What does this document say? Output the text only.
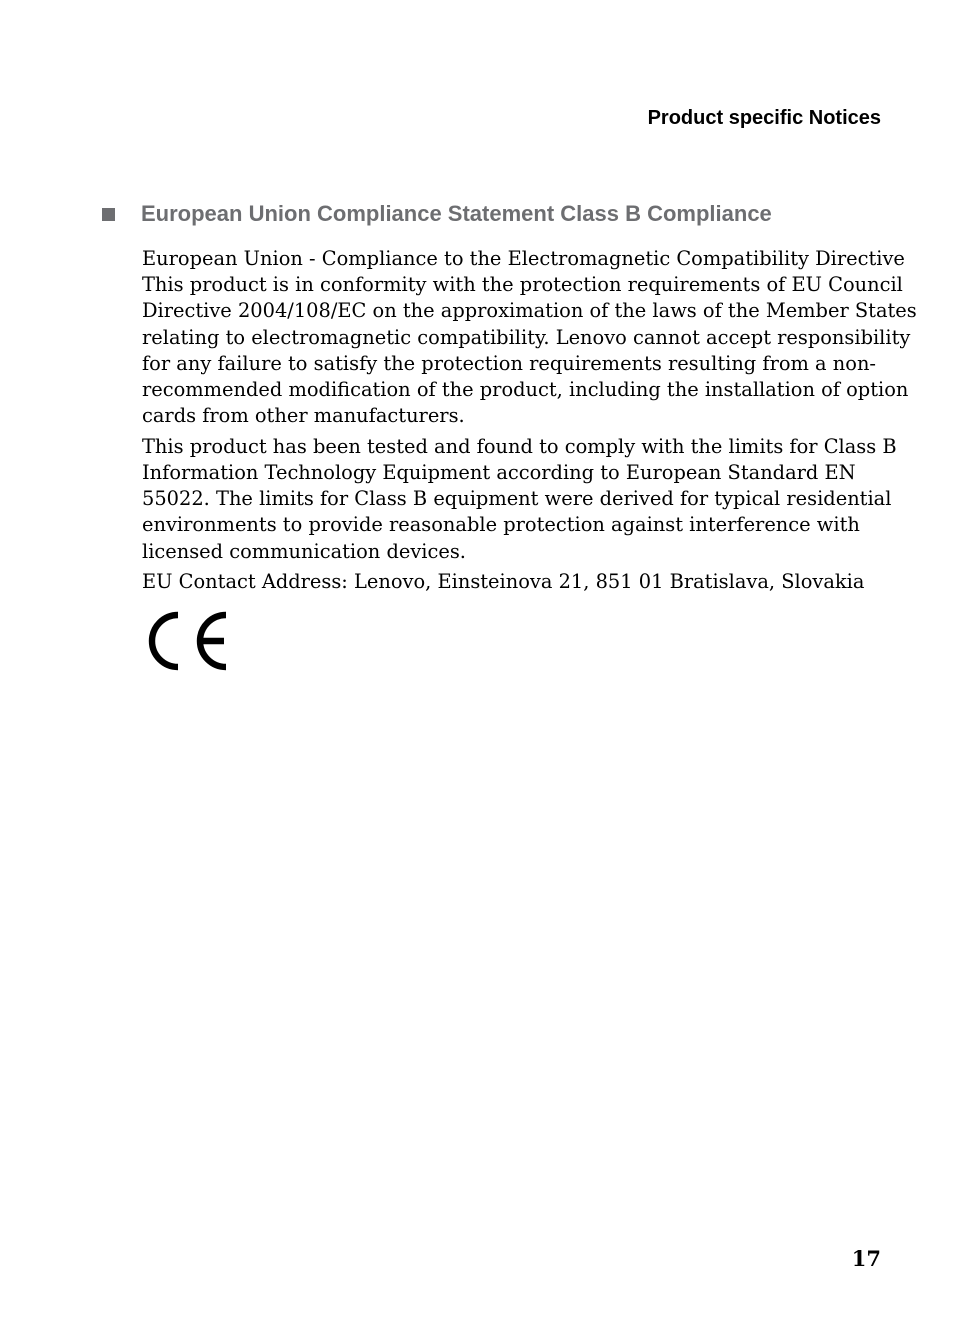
Product specific Notices
European Union Compliance Statement Class B Compliance

European Union - Compliance to the Electromagnetic Compatibility Directive
This product is in conformity with the protection requirements of EU Council
Directive 2004/108/EC on the approximation of the laws of the Member States
relating to electromagnetic compatibility. Lenovo cannot accept responsibility
for any failure to satisfy the protection requirements resulting from a non-
recommended modification of the product, including the installation of option
cards from other manufacturers.

This product has been tested and found to comply with the limits for Class B
Information Technology Equipment according to European Standard EN
55022. The limits for Class B equipment were derived for typical residential
environments to provide reasonable protection against interference with
licensed communication devices.

EU Contact Address: Lenovo, Einsteinova 21, 851 01 Bratislava, Slovakia

17
